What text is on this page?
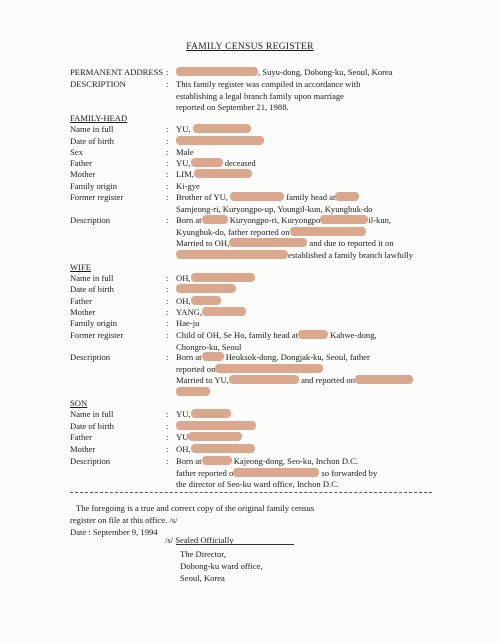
FAMILY CENSUS REGISTER
PERMANENT ADDRESS :	, Suyu-dong, Dobong-ku, Seoul, Korea
DESCRIPTION	: This family register was compiled in accordance with
establishing a legal branch family upon marriage
reported on September 21, 1988.
FAMILY-HEAD
Name in full	: YU,
Date of birth	:
Sex	: Male
Father	: YU,	deceased
Mother	: LIM,
Family origin	: Ki-gye
Former register	: Brother of YU,	family head at
Samjeong-ri, Kuryongpo-up, Youngil-kun, Kyungbuk-do
Description	: Born at	Kuryongpo-ri, Kuryongpo	il-kun,
Kyungbuk-do, father reported on
Married to OH,	and due to reported it on
established a family branch lawfully
WIFE
Name in full	: OH,
Date of birth	:
Father	: OH,
Mother	: YANG,
Family origin	: Hae-ju
Former register	: Child of OH, Se Ho, family head at	Kahwe-dong,
Chongro-ku, Seoul
Description	: Born at	Heuksok-dong, Dongjak-ku, Seoul, father
reported on
Married to YU,	and reported on
SON
Name in full	: YU,
Date of birth	:
Father	: YU
Mother	: OH,
Description	: Born at	Kajeong-dong, Seo-ku, Inchon D.C.
father reported o	so forwarded by
the director of Seo-ku ward office, Inchon D.C.
The foregoing is a true and correct copy of the original family census
register on file at this office. /s/
Date : September 9, 1994
/s/ Sealed Officially
The Director,
Dobong-ku ward office,
Seoul, Korea
